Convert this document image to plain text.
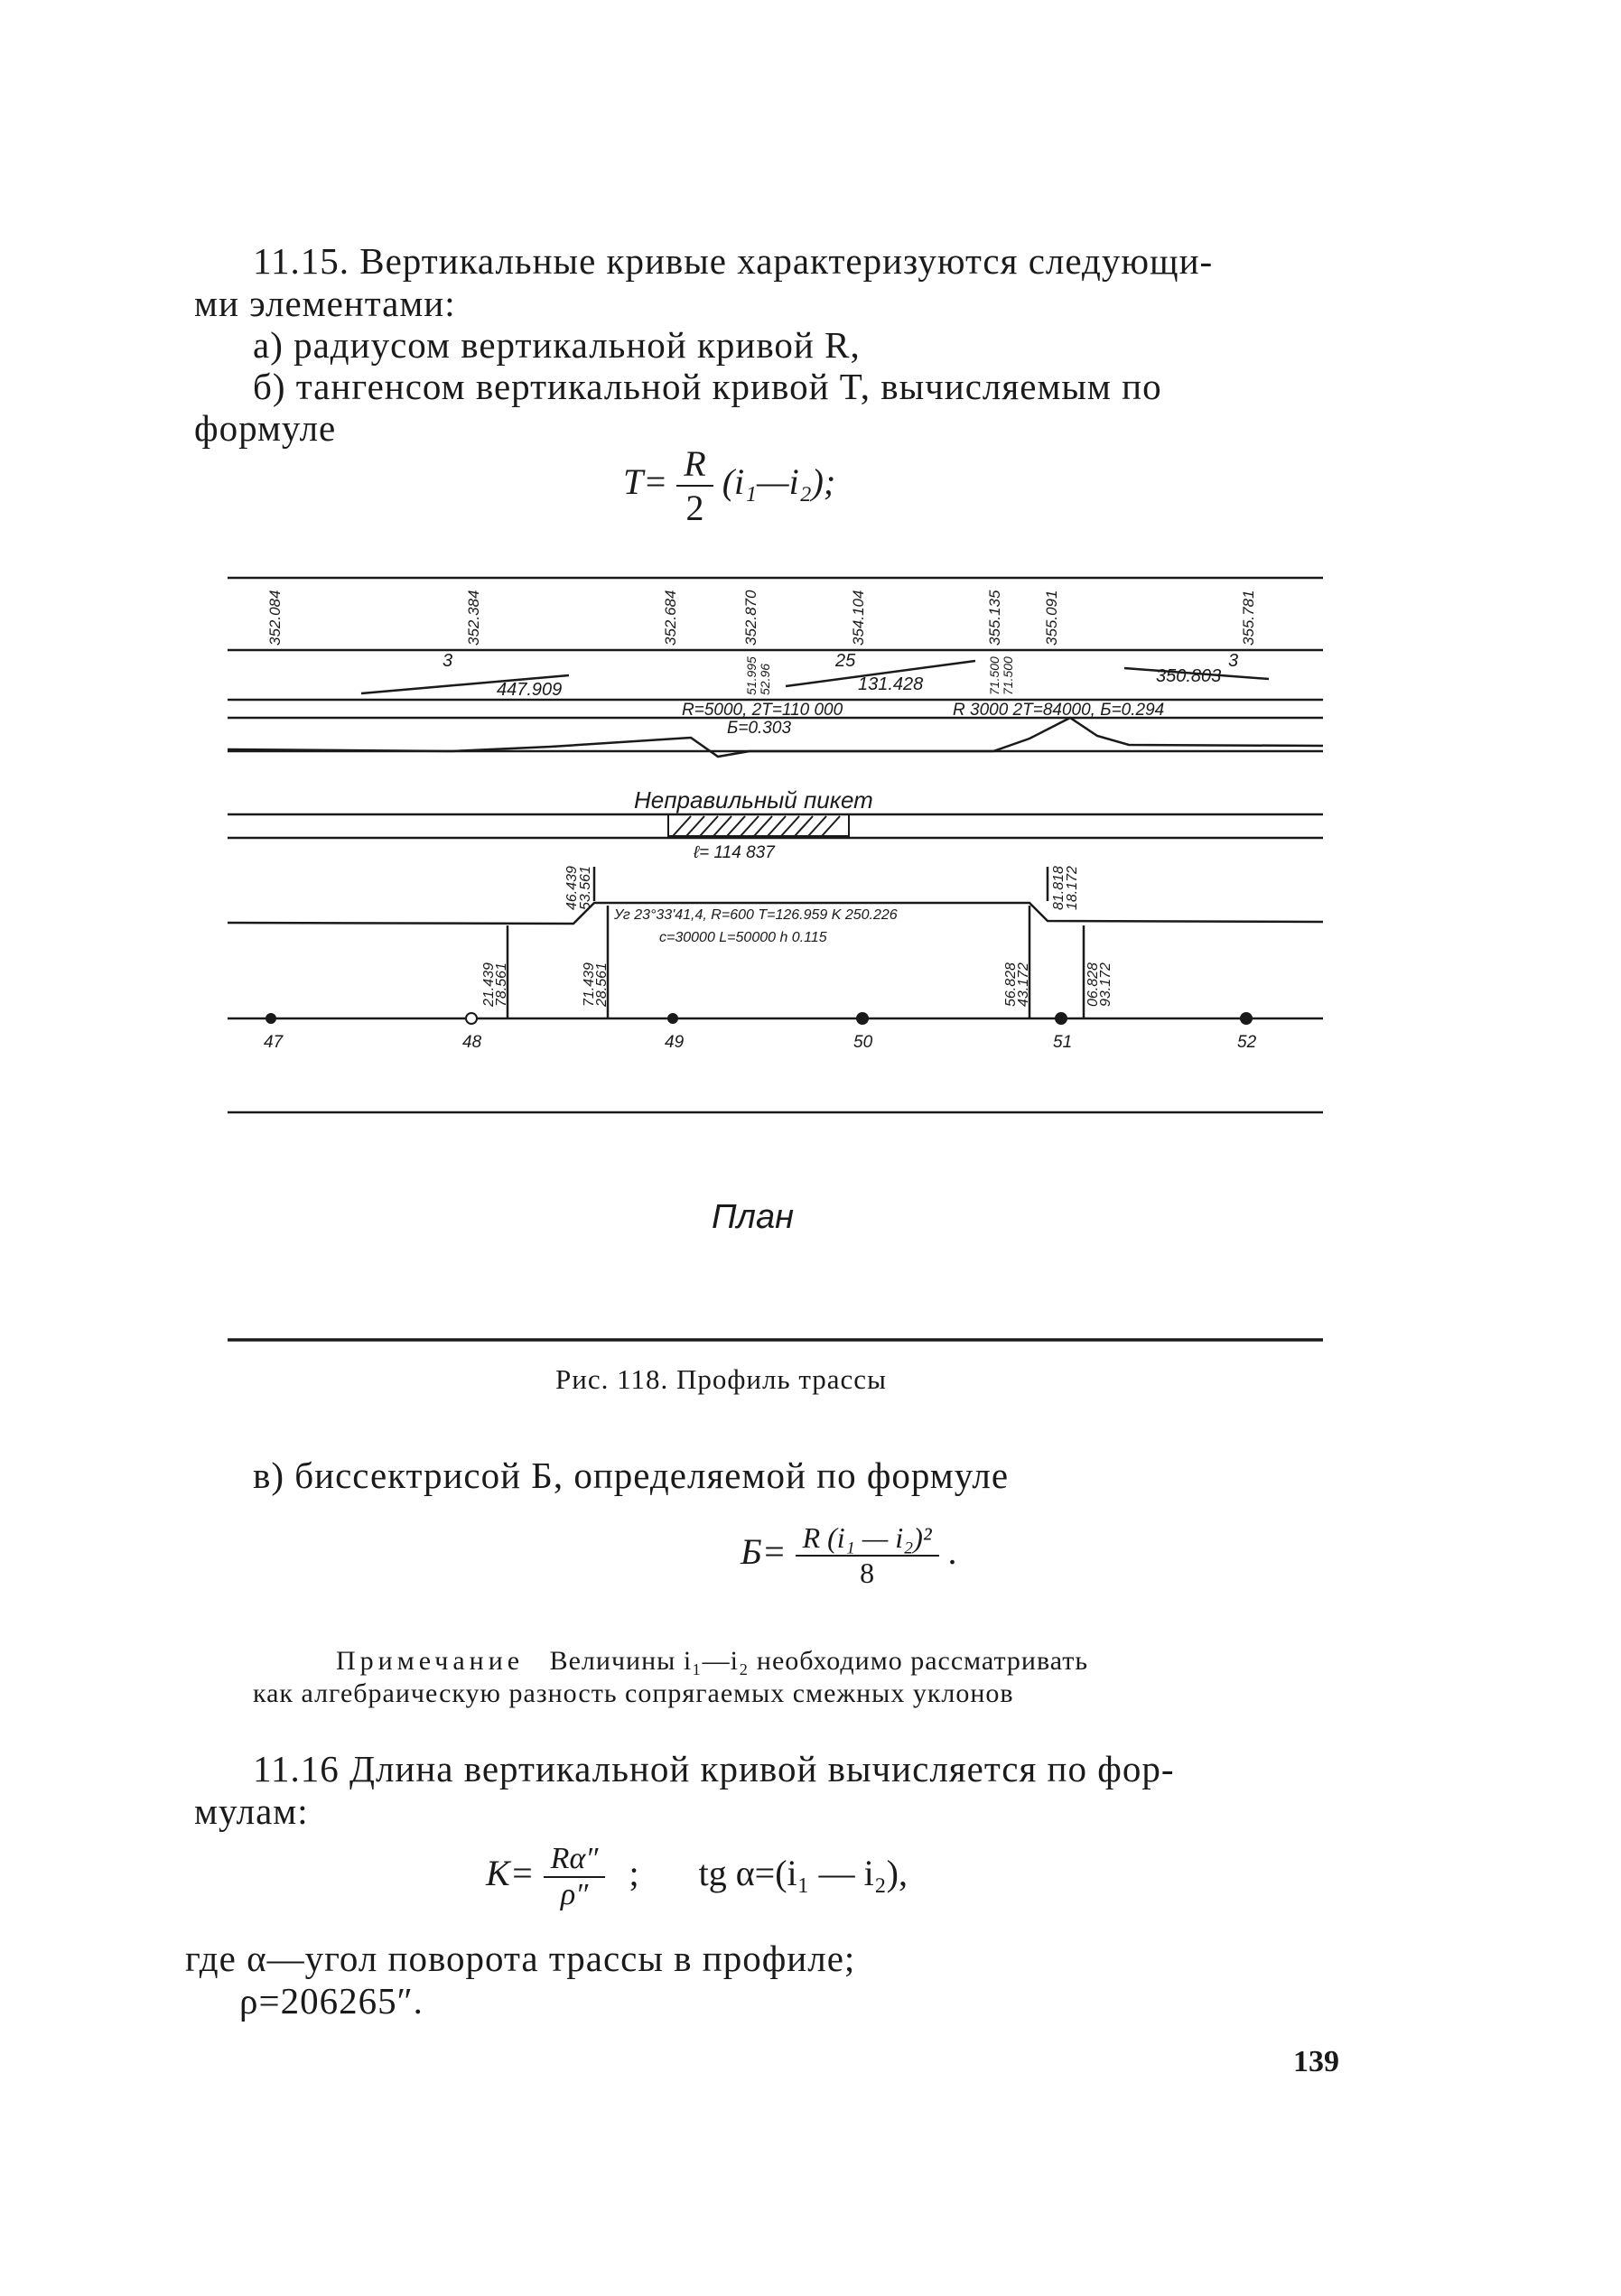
11.15. Вертикальные кривые характеризуются следующи-
ми элементами:
а) радиусом вертикальной кривой R,
б) тангенсом вертикальной кривой T, вычисляемым по
формуле
$T= \frac{R}{2}$ (i₁—i₂);
352.084	352.384	352.684	352.870	354.104	355.135	355.091	355.781
51.995 52.96	71.500 71.500
3
447.909
25
131.428
3
350.803
R=5000, 2T=110 000
Б=0.303
R 3000 2T=84000, Б=0.294
Неправильный пикет
ℓ= 114 837
46.439
53.561	81.818
18.172
Уг 23°33'41,4, R=600 T=126.959 K 250.226
c=30000 L=50000 h 0.115
21.439
78.561	71.439
28.561	56.828
43.172	06.828
93.172
47	48	49	50	51	52
План
Рис. 118. Профиль трассы
в) биссектрисой Б, определяемой по формуле
$Б= \frac{\text{R (i₁ — i₂)²}}{8}$ .
Примечание Величины i₁—i₂ необходимо рассматривать
как алгебраическую разность сопрягаемых смежных уклонов
11.16 Длина вертикальной кривой вычисляется по фор-
мулам:
$K= \frac{R\alpha''}{\rho''}$ ; tg α=(i₁ — i₂),
где α—угол поворота трассы в профиле;
ρ=206265″.
139
